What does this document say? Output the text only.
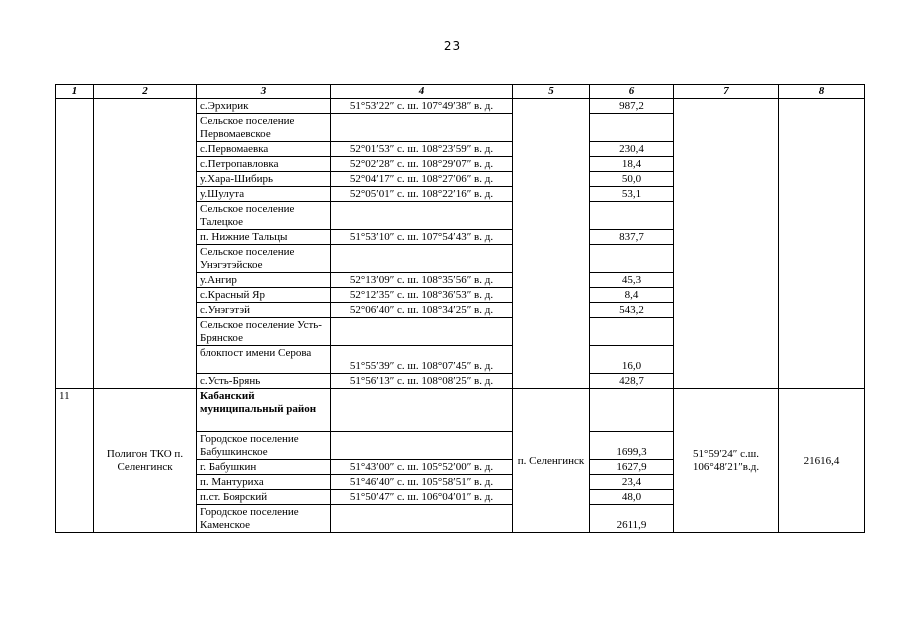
23
1	2	3	4	5	6	7	8
		с.Эрхирик	51°53′22″ с. ш. 107°49′38″ в. д.		987,2		
		Сельское поселение Первомаевское					
		с.Первомаевка	52°01′53″ с. ш. 108°23′59″ в. д.		230,4		
		с.Петропавловка	52°02′28″ с. ш. 108°29′07″ в. д.		18,4		
		у.Хара-Шибирь	52°04′17″ с. ш. 108°27′06″ в. д.		50,0		
		у.Шулута	52°05′01″ с. ш. 108°22′16″ в. д.		53,1		
		Сельское поселение Талецкое					
		п. Нижние Тальцы	51°53′10″ с. ш. 107°54′43″ в. д.		837,7		
		Сельское поселение Унэгэтэйское					
		у.Ангир	52°13′09″ с. ш. 108°35′56″ в. д.		45,3		
		с.Красный Яр	52°12′35″ с. ш. 108°36′53″ в. д.		8,4		
		с.Унэгэтэй	52°06′40″ с. ш. 108°34′25″ в. д.		543,2		
		Сельское поселение Усть-Брянское					
		блокпост имени Серова	51°55′39″ с. ш. 108°07′45″ в. д.		16,0		
		с.Усть-Брянь	51°56′13″ с. ш. 108°08′25″ в. д.		428,7		
11	Полигон ТКО п. Селенгинск	Кабанский муниципальный район		п. Селенгинск		51°59′24″ с.ш. 106°48′21″в.д.	21616,4
		Городское поселение Бабушкинское			1699,3		
		г. Бабушкин	51°43′00″ с. ш. 105°52′00″ в. д.		1627,9		
		п. Мантуриха	51°46′40″ с. ш. 105°58′51″ в. д.		23,4		
		п.ст. Боярский	51°50′47″ с. ш. 106°04′01″ в. д.		48,0		
		Городское поселение Каменское			2611,9		
